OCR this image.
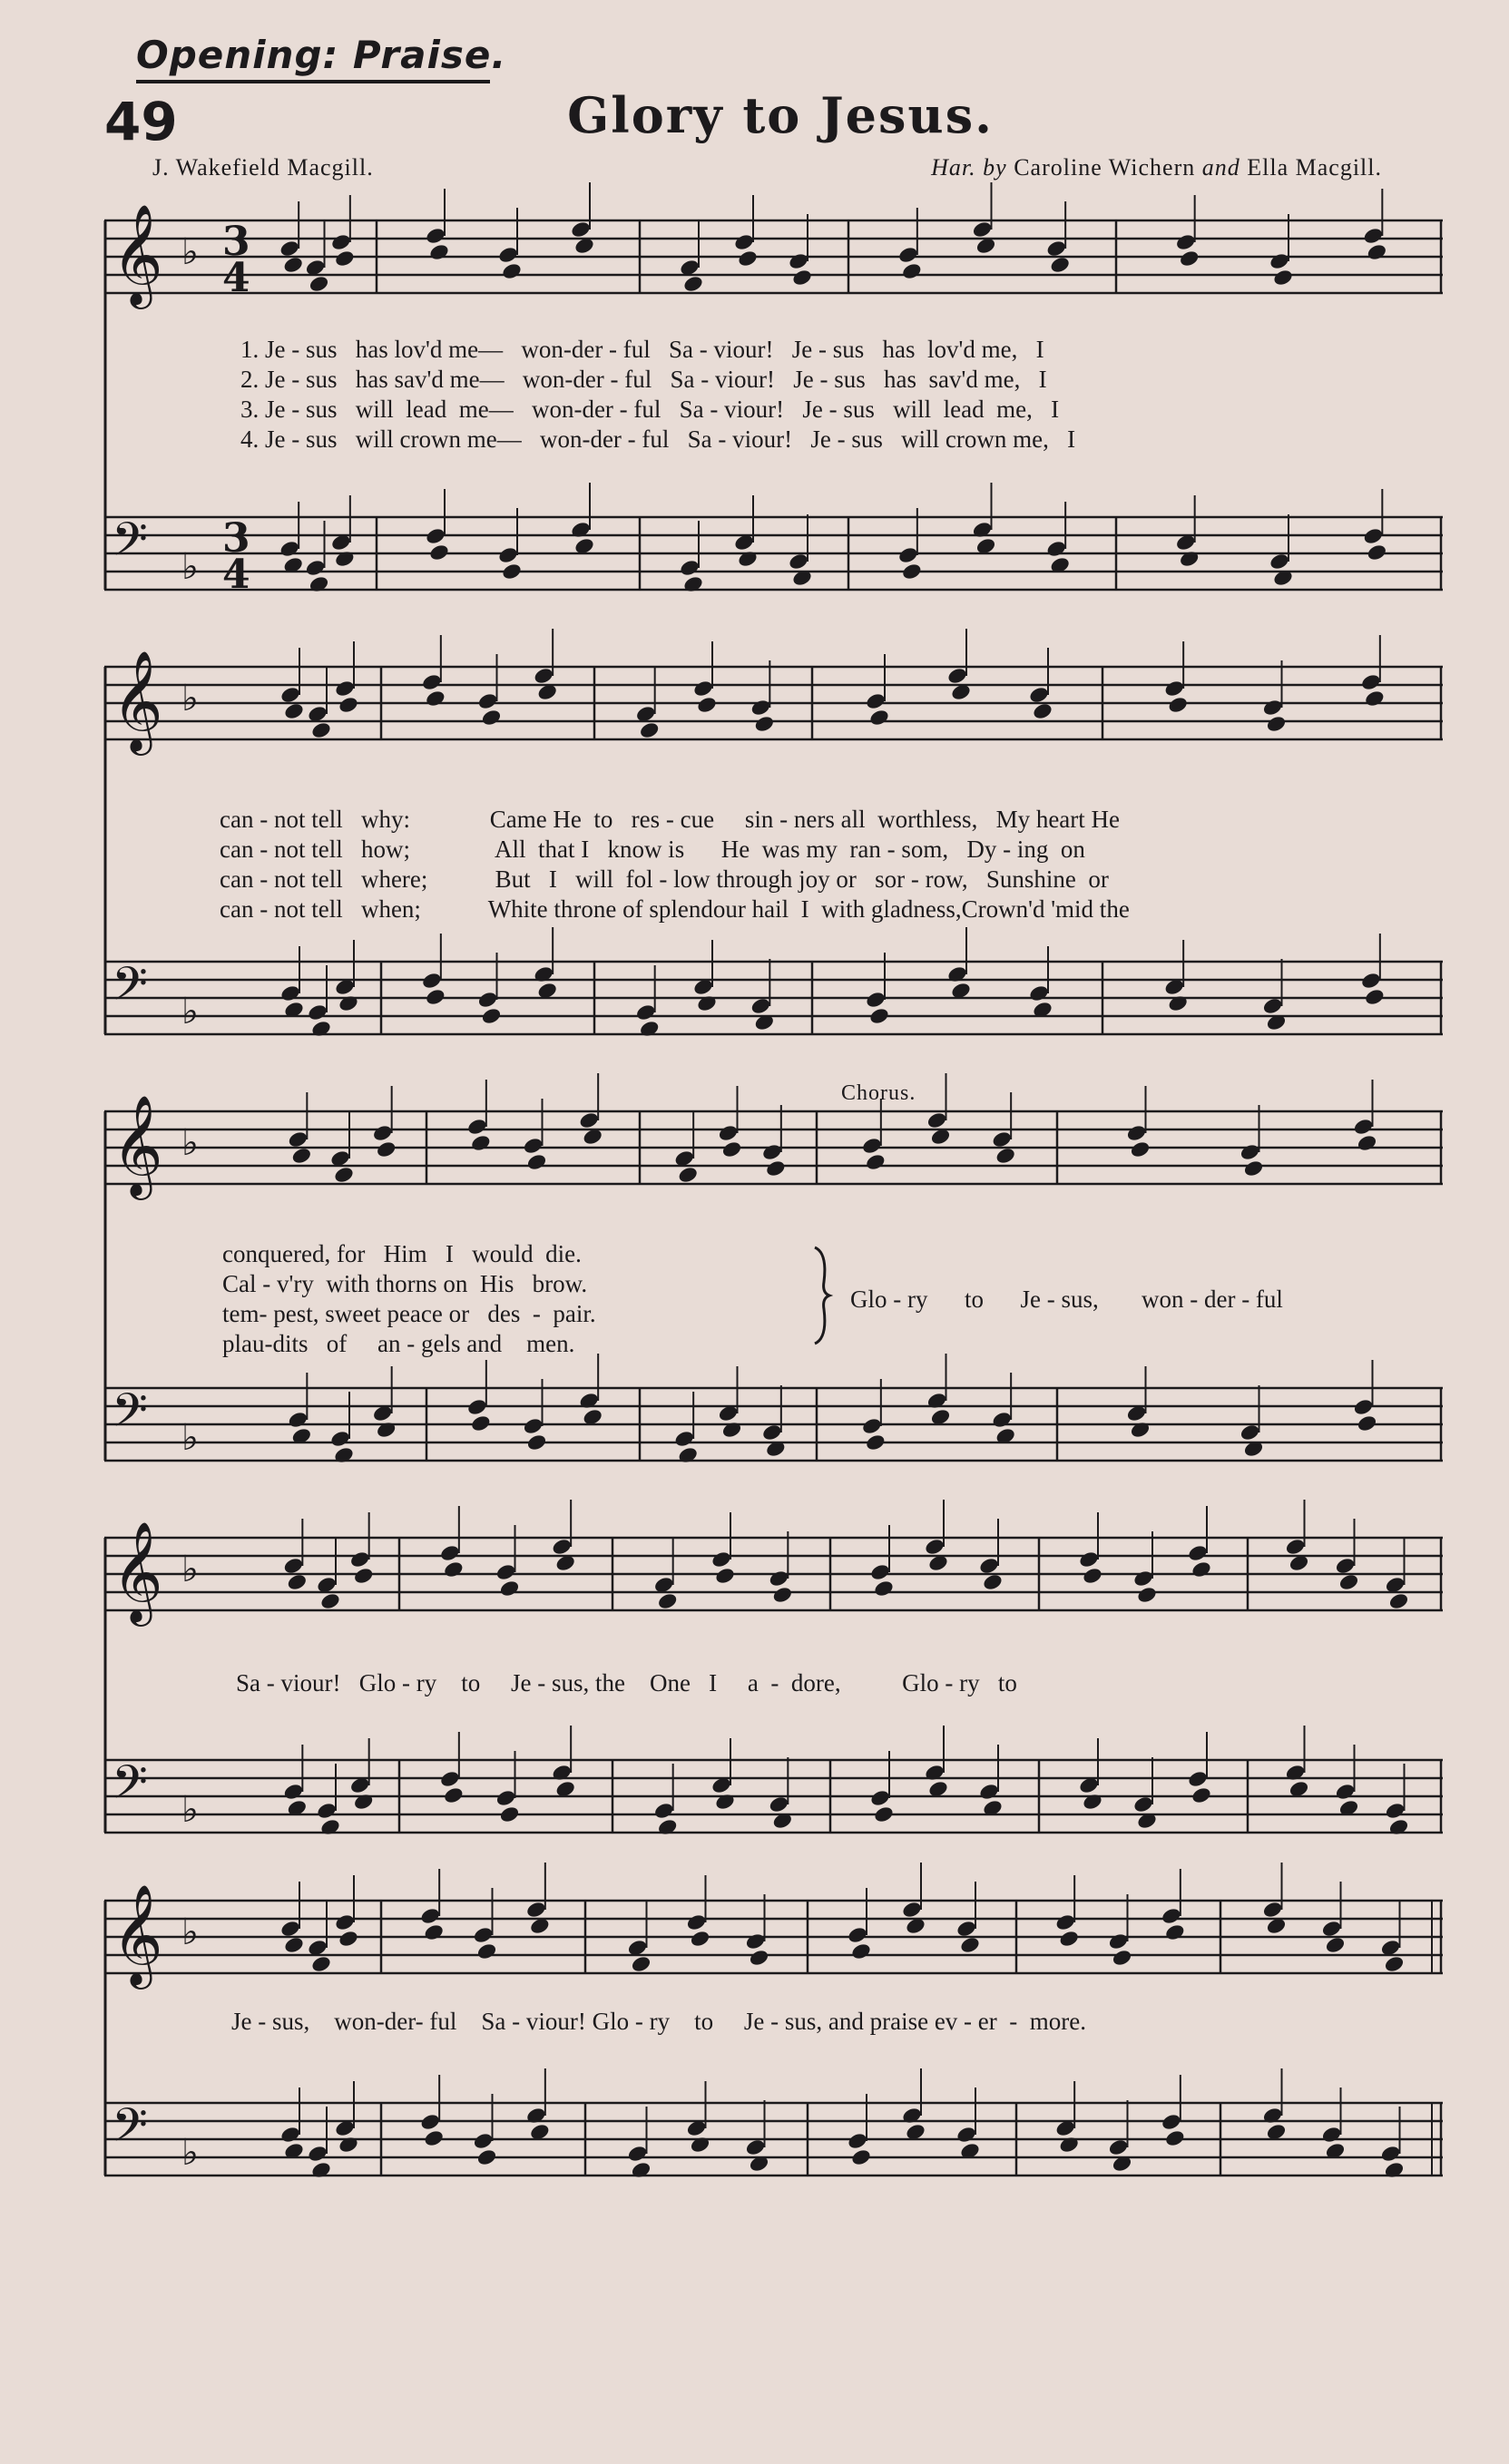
Opening: Praise.
49	Glory to Jesus.
J. Wakefield Macgill.	Har. by Caroline Wichern and Ella Macgill.
𝄞 ♭ 3
4
𝄢 ♭
3
4
1. Je - sus   has lov'd me—   won-der - ful   Sa - viour!   Je - sus   has  lov'd me,   I
2. Je - sus   has sav'd me—   won-der - ful   Sa - viour!   Je - sus   has  sav'd me,   I
3. Je - sus   will  lead  me—   won-der - ful   Sa - viour!   Je - sus   will  lead  me,   I
4. Je - sus   will crown me—   won-der - ful   Sa - viour!   Je - sus   will crown me,   I
𝄞 ♭
𝄢 ♭
can - not tell   why:             Came He  to   res - cue     sin - ners all  worthless,   My heart He
can - not tell   how;              All  that I   know is      He  was my  ran - som,   Dy - ing  on
can - not tell   where;           But   I   will  fol - low through joy or   sor - row,   Sunshine  or
can - not tell   when;           White throne of splendour hail  I  with gladness,Crown'd 'mid the
𝄞 ♭
𝄢 ♭
Chorus.
conquered, for   Him   I   would  die.
Cal - v'ry  with thorns on  His   brow.
tem- pest, sweet peace or   des  -  pair.
plau-dits   of     an - gels and    men.
Glo - ry      to      Je - sus,       won - der - ful
𝄞 ♭
𝄢 ♭
Sa - viour!   Glo - ry    to     Je - sus, the    One   I     a  -  dore,          Glo - ry   to
𝄞 ♭
𝄢 ♭
Je - sus,    won-der- ful    Sa - viour! Glo - ry    to     Je - sus, and praise ev - er  -  more.
